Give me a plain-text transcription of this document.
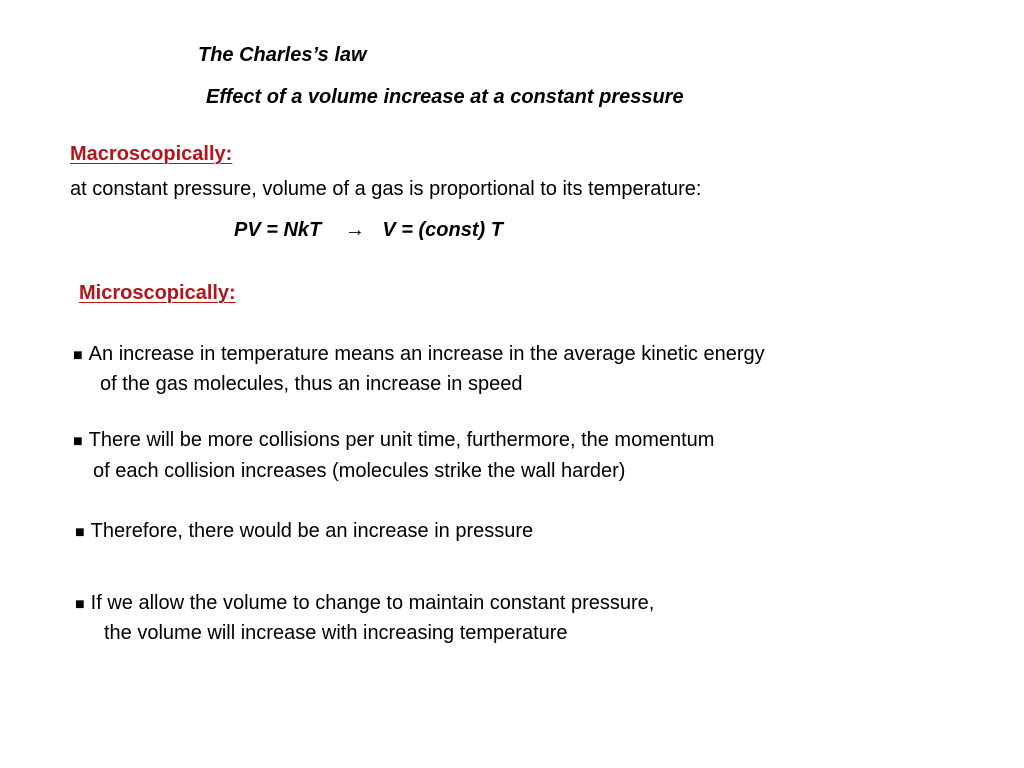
The Charles’s law
Effect of a volume increase at a constant pressure
Macroscopically:
at constant pressure, volume of a gas is proportional to its temperature:
PV = NkT → V = (const) T
Microscopically:
■ An increase in temperature means an increase in the average kinetic energy
of the gas molecules, thus an increase in speed
■ There will be more collisions per unit time, furthermore, the momentum
of each collision increases (molecules strike the wall harder)
■ Therefore, there would be an increase in pressure
■ If we allow the volume to change to maintain constant pressure,
the volume will increase with increasing temperature
